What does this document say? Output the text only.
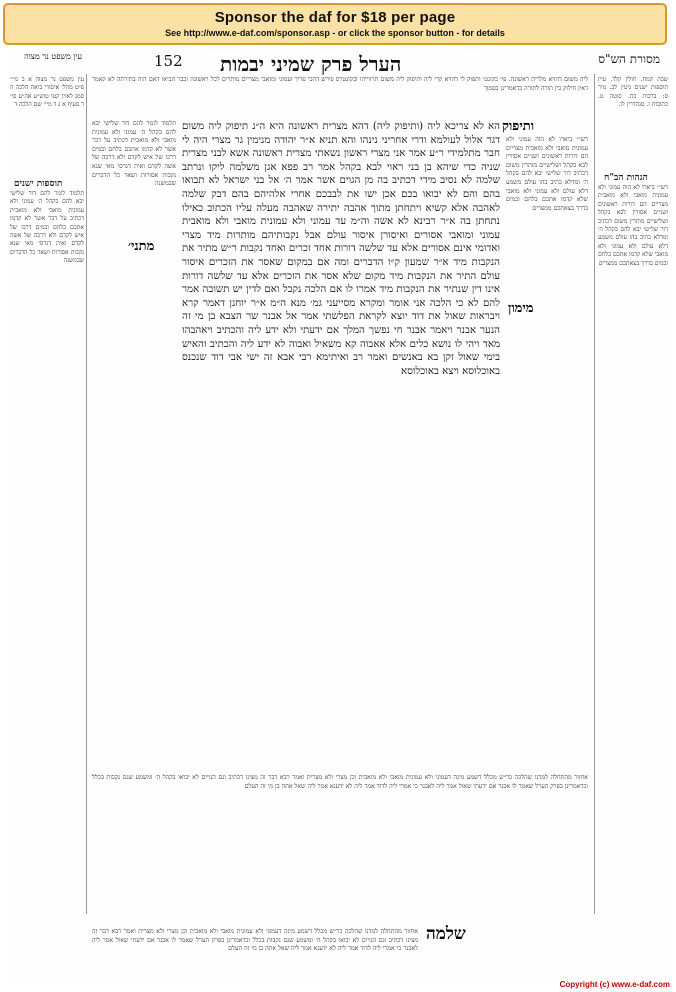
Sponsor the daf for $18 per page
See http://www.e-daf.com/sponsor.asp - or click the sponsor button - for details
מסורת הש"ס
הערל פרק שמיני יבמות
152
עין משפט נר מצוה
עין משפט נר מצוה א ב מיי׳ פ״ט מהל׳ איסורי ביאה הלכה ה סמג לאוין קטו טוש״ע אה״ע סי׳ ד סעיף א ג ד מיי׳ שם הלכה ד
תוספות ישנים
תלמוד לומר להם דור שלישי יבא להם בקהל ה׳ עמוני ולא עמונית מואבי ולא מואבית דכתיב על דבר אשר לא קדמו אתכם בלחם ובמים דרכו של איש לקדם ולא דרכה של אשה לקדם ואית דגרסי מאי שנא נקבות אסורות ושאר כל הדברים שבמשנה
שבת קמח. חולין קלד. עיין תוספות ישנים גיטין לב. נזיר ס: ברכות כח. סוטה ט. כתובות ז. סנהדרין לו.
הגהות הב"ח
רש״י ביארו לא הוה עמוני ולא עמונית מואבי ולא מואבית מצריים הם דורות ראשונים ושניים אסורין לבא בקהל ושלישיים מותרין משום דכתיב דור שלישי יבא להם בקהל ה׳ ומדלא כתיב בהו עולם משמע דלא עולם ולא עמוני ולא מואבי שלא קדמו אתכם בלחם ובמים בדרך בצאתכם ממצרים
ליה משום דהויא מלרית ראשונה. פי׳ בקונט׳ ותפוק לי דהויא קרי ליה ותיפוק ליה משום תרווייהו ובקונטרס פירש דהכי פריך ועמוני ומואבי מצריים מותרים לכל ראשונה וכבר הביאו דאם היה בתירתה לא קאמר דאין חילוק בין תורה לתורה כדאמרינן בסמוך
ותיפוק
רש״י ביארו לא הוה עמוני ולא עמונית מואבי ולא מואבית מצריים הם דורות ראשונים ושניים אסורין לבא בקהל ושלישיים מותרין משום דכתיב דור שלישי יבא להם בקהל ה׳ ומדלא כתיב בהו עולם משמע דלא עולם ולא עמוני ולא מואבי שלא קדמו אתכם בלחם ובמים בדרך בצאתכם ממצרים
תלמוד לומר להם דור שלישי יבא להם בקהל ה׳ עמוני ולא עמונית מואבי ולא מואבית דכתיב על דבר אשר לא קדמו אתכם בלחם ובמים דרכו של איש לקדם ולא דרכה של אשה לקדם ואית דגרסי מאי שנא נקבות אסורות ושאר כל הדברים שבמשנה
מתני׳
מימון
הא לא צריכא ליה (ותיפוק ליה) דהא מצרית ראשונה היא ה״נ תיפוק ליה משום דגר אלול לעולמא ודרי אחריני נינהו והא תניא א״ר יהודה מנימין גר מצרי היה לי חבר מתלמידי ר״ע אמר אני מצרי ראשון נשאתי מצרית ראשונה אשא לבני מצרית שניה כדי שיהא בן בני ראוי לבא בקהל אמר רב פפא אגן משלמה ליקו ונרתב שלמה לא נסיב מידי דכתיב בה מן הגוים אשר אמר ה׳ אל בני ישראל לא תבואו בהם והם לא יבואו בכם אכן ישו את לבבכם אחרי אלהיהם בהם דבק שלמה לאהבה אלא קשיא ויתחתן מתוך אהבה יתירה שאהבה מעלה עליו הכתוב כאילו נתחתן בה א״ר רבינא לא אשה וה״מ עד עמוני ולא עמונית מואבי ולא מואבית עמוני ומואבי אסורים ואיסורן איסור עולם אבל נקבותיהם מותרות מיד מצרי ואדומי אינם אסורים אלא עד שלשה דורות אחד זכרים ואחד נקבות ר״ש מתיר את הנקבות מיד א״ר שמעון ק״ו הדברים ומה אם במקום שאסר את הזכרים איסור עולם התיר את הנקבות מיד מקום שלא אסר את הזכרים אלא עד שלשה דורות אינו דין שנתיר את הנקבות מיד אמרו לו אם הלכה נקבל ואם לדין יש תשובה אמר להם לא כי הלכה אני אומר ומקרא מסייעני גמ׳ מנא ה״מ א״ר יוחנן דאמר קרא ויבראות שאול את דוד יוצא לקראת הפלשתי אמר אל אבנר שר הצבא בן מי זה הנער אבנר ויאמר אבנר חי נפשך המלך אם ידעתי ולא ידע ליה והכתיב ויאהבהו מאד ויהי לו נושא כלים אלא אאבוה קא משאיל ואבוה לא ידע ליה והכתיב והאיש בימי שאול זקן בא באנשים ואמר רב ואיתימא רבי אבא זה ישי אבי דוד שנכנס באוכלוסא ויצא באוכלוסא
אחזור מהתחלה למדנו שהלכה כר״ש מכלל דשמע מינה דעמוני ולא עמונית מואבי ולא מואבית וכן מצרי ולא מצרית ואמר רבא דבר זה מצינו דכתיב וגם הגויים לא יבואו בקהל ה׳ ומשמע שגם נקבות בכלל וכדאמרינן בפרק הערל שאמר לו אבנר אם ידעתי שאול אמר ליה לאבנר כי אמרי ליה לדוד אמר ליה לא ידענא אמר ליה שאל אתה בן מי זה העלם
שלמה
אחזור מהתחלה למדנו שהלכה כר״ש מכלל דשמע מינה דעמוני ולא עמונית מואבי ולא מואבית וכן מצרי ולא מצרית ואמר רבא דבר זה מצינו דכתיב וגם הגויים לא יבואו בקהל ה׳ ומשמע שגם נקבות בכלל וכדאמרינן בפרק הערל שאמר לו אבנר אם ידעתי שאול אמר ליה לאבנר כי אמרי ליה לדוד אמר ליה לא ידענא אמר ליה שאל אתה בן מי זה העלם
Copyright (c) www.e-daf.com
